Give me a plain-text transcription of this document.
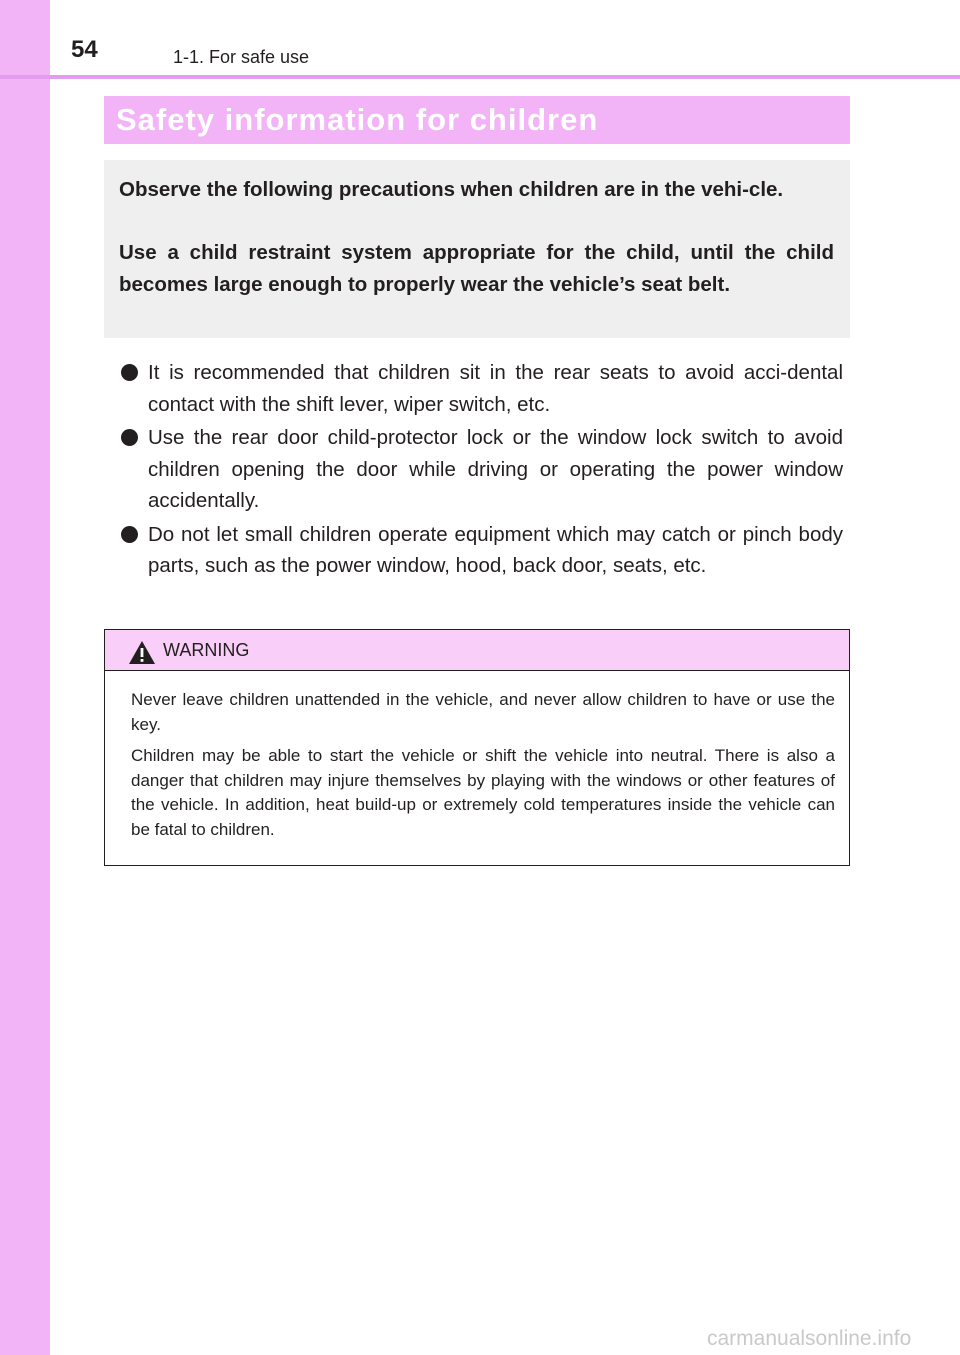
54	1-1. For safe use
Safety information for children

Observe the following precautions when children are in the vehi-cle.

Use a child restraint system appropriate for the child, until the child becomes large enough to properly wear the vehicle’s seat belt.

It is recommended that children sit in the rear seats to avoid acci-dental contact with the shift lever, wiper switch, etc.
Use the rear door child-protector lock or the window lock switch to avoid children opening the door while driving or operating the power window accidentally.
Do not let small children operate equipment which may catch or pinch body parts, such as the power window, hood, back door, seats, etc.
WARNING

Never leave children unattended in the vehicle, and never allow children to have or use the key.

Children may be able to start the vehicle or shift the vehicle into neutral. There is also a danger that children may injure themselves by playing with the windows or other features of the vehicle. In addition, heat build-up or extremely cold temperatures inside the vehicle can be fatal to children.

carmanualsonline.info
